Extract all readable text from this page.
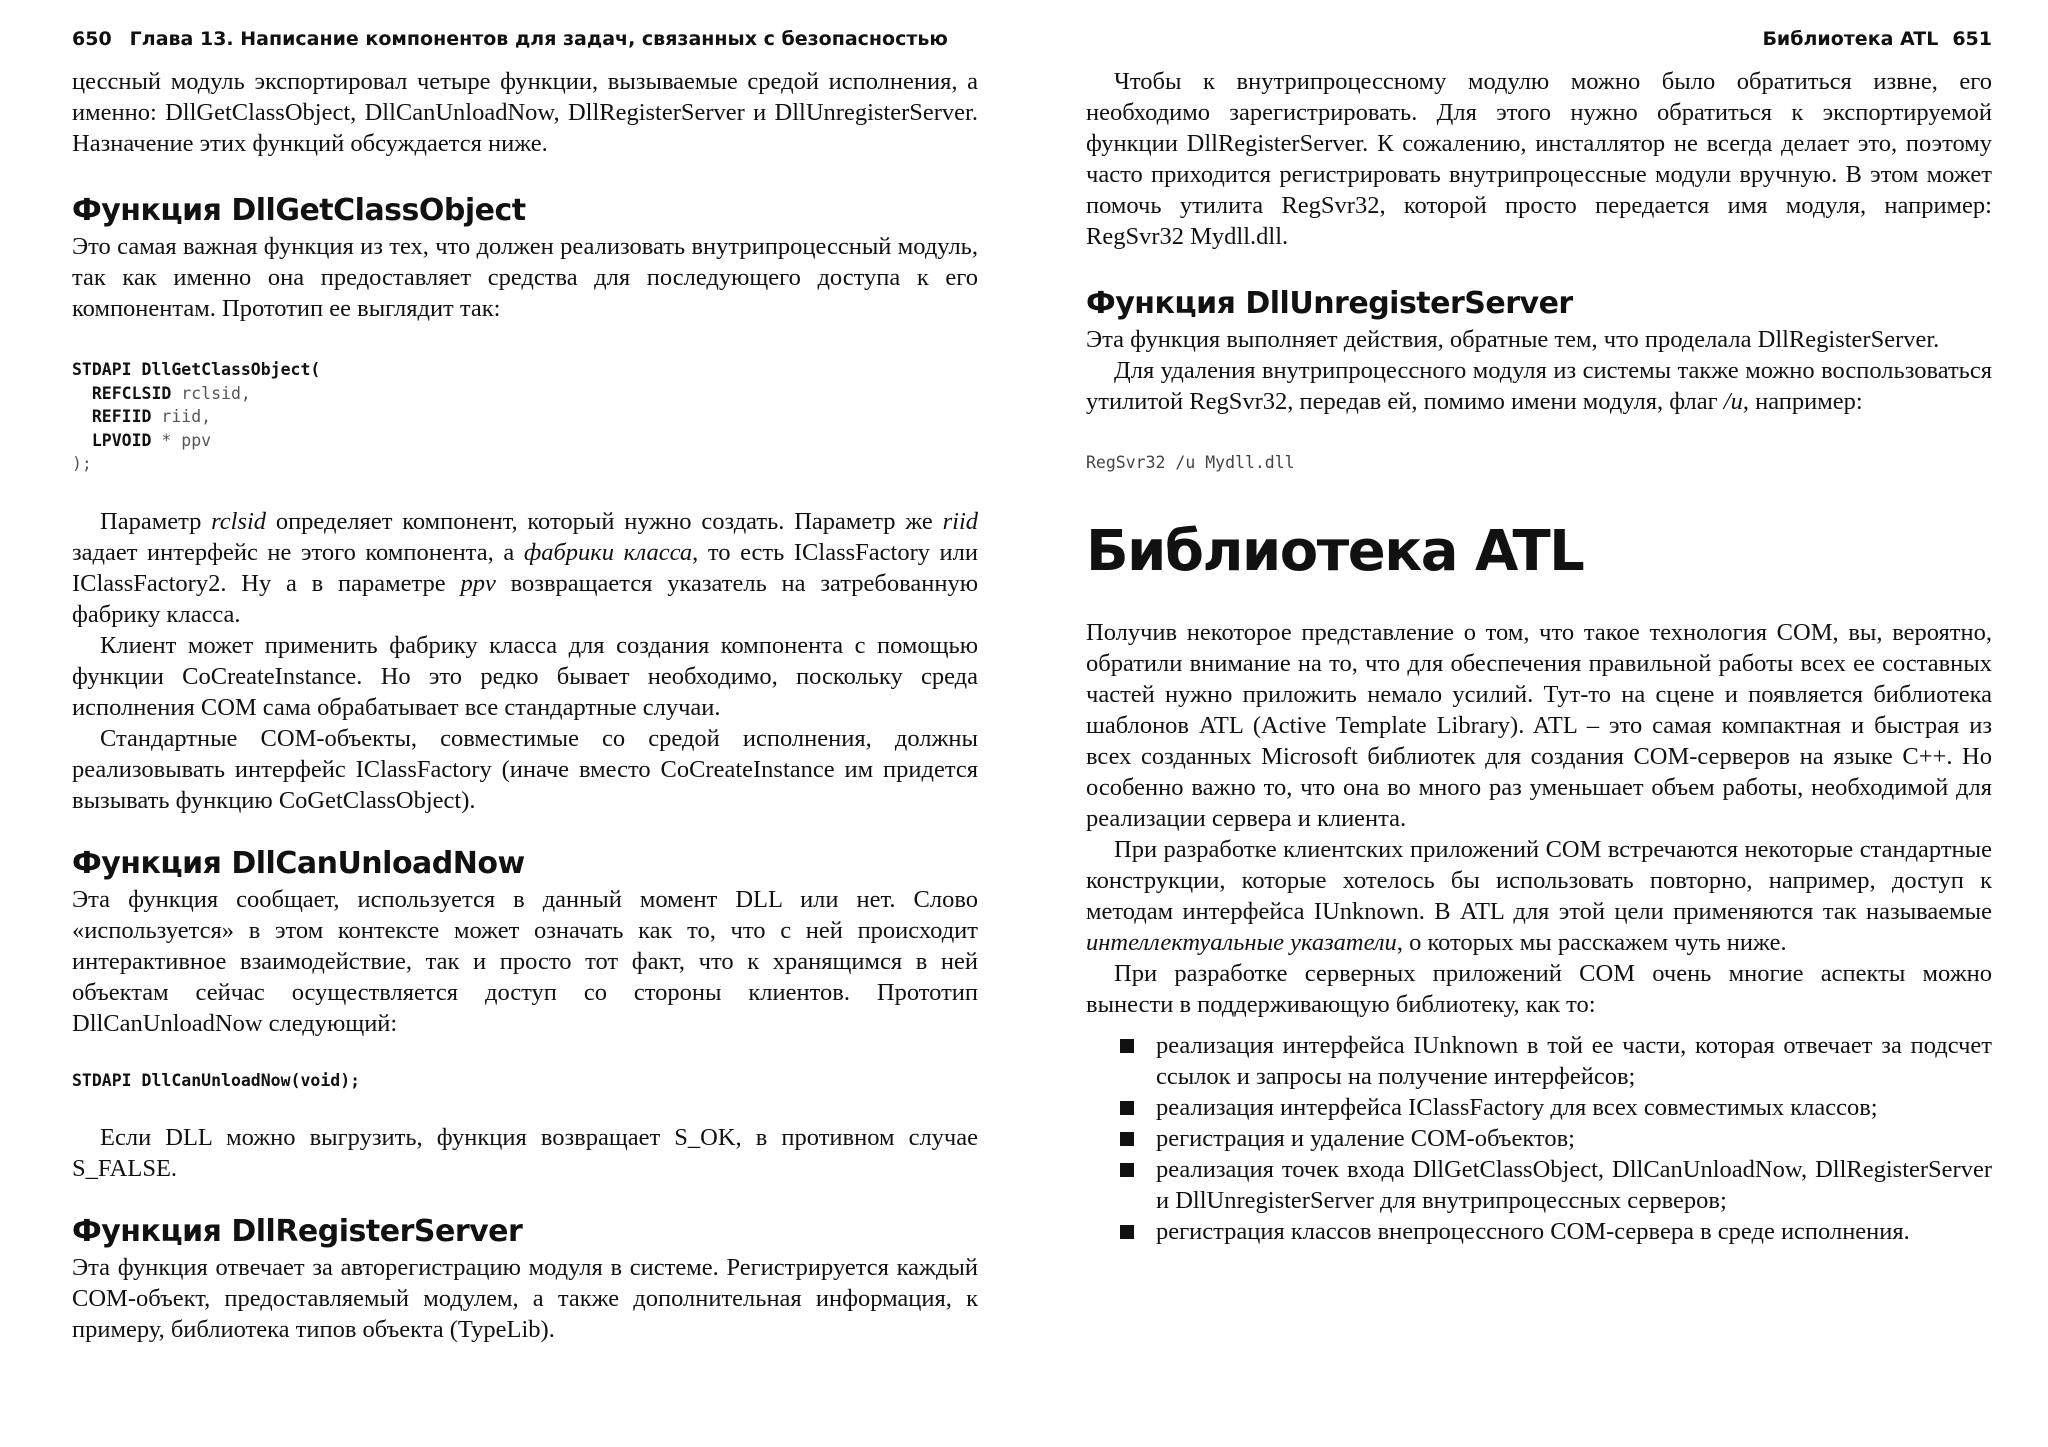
650 Глава 13. Написание компонентов для задач, связанных с безопасностью

цессный модуль экспортировал четыре функции, вызываемые средой исполнения, а именно: DllGetClassObject, DllCanUnloadNow, DllRegisterServer и DllUnregisterServer. Назначение этих функций обсуждается ниже.

Функция DllGetClassObject

Это самая важная функция из тех, что должен реализовать внутрипроцессный модуль, так как именно она предоставляет средства для последующего доступа к его компонентам. Прототип ее выглядит так:

STDAPI DllGetClassObject(
REFCLSID rclsid,
REFIID riid,
LPVOID * ppv
);

Параметр rclsid определяет компонент, который нужно создать. Параметр же riid задает интерфейс не этого компонента, а фабрики класса, то есть IClassFactory или IClassFactory2. Ну а в параметре ppv возвращается указатель на затребованную фабрику класса.

Клиент может применить фабрику класса для создания компонента с помощью функции CoCreateInstance. Но это редко бывает необходимо, поскольку среда исполнения COM сама обрабатывает все стандартные случаи.

Стандартные COM-объекты, совместимые со средой исполнения, должны реализовывать интерфейс IClassFactory (иначе вместо CoCreateInstance им придется вызывать функцию CoGetClassObject).

Функция DllCanUnloadNow

Эта функция сообщает, используется в данный момент DLL или нет. Слово «используется» в этом контексте может означать как то, что с ней происходит интерактивное взаимодействие, так и просто тот факт, что к хранящимся в ней объектам сейчас осуществляется доступ со стороны клиентов. Прототип DllCanUnloadNow следующий:

STDAPI DllCanUnloadNow(void);

Если DLL можно выгрузить, функция возвращает S_OK, в противном случае S_FALSE.

Функция DllRegisterServer

Эта функция отвечает за авторегистрацию модуля в системе. Регистрируется каждый COM-объект, предоставляемый модулем, а также дополнительная информация, к примеру, библиотека типов объекта (TypeLib).

Библиотека ATL 651

Чтобы к внутрипроцессному модулю можно было обратиться извне, его необходимо зарегистрировать. Для этого нужно обратиться к экспортируемой функции DllRegisterServer. К сожалению, инсталлятор не всегда делает это, поэтому часто приходится регистрировать внутрипроцессные модули вручную. В этом может помочь утилита RegSvr32, которой просто передается имя модуля, например: RegSvr32 Mydll.dll.

Функция DllUnregisterServer

Эта функция выполняет действия, обратные тем, что проделала DllRegisterServer.

Для удаления внутрипроцессного модуля из системы также можно воспользоваться утилитой RegSvr32, передав ей, помимо имени модуля, флаг /u, например:

RegSvr32 /u Mydll.dll
Библиотека ATL

Получив некоторое представление о том, что такое технология COM, вы, вероятно, обратили внимание на то, что для обеспечения правильной работы всех ее составных частей нужно приложить немало усилий. Тут-то на сцене и появляется библиотека шаблонов ATL (Active Template Library). ATL – это самая компактная и быстрая из всех созданных Microsoft библиотек для создания COM-серверов на языке C++. Но особенно важно то, что она во много раз уменьшает объем работы, необходимой для реализации сервера и клиента.

При разработке клиентских приложений COM встречаются некоторые стандартные конструкции, которые хотелось бы использовать повторно, например, доступ к методам интерфейса IUnknown. В ATL для этой цели применяются так называемые интеллектуальные указатели, о которых мы расскажем чуть ниже.

При разработке серверных приложений COM очень многие аспекты можно вынести в поддерживающую библиотеку, как то:

реализация интерфейса IUnknown в той ее части, которая отвечает за подсчет ссылок и запросы на получение интерфейсов;
реализация интерфейса IClassFactory для всех совместимых классов;
регистрация и удаление COM-объектов;
реализация точек входа DllGetClassObject, DllCanUnloadNow, DllRegisterServer и DllUnregisterServer для внутрипроцессных серверов;
регистрация классов внепроцессного COM-сервера в среде исполнения.
